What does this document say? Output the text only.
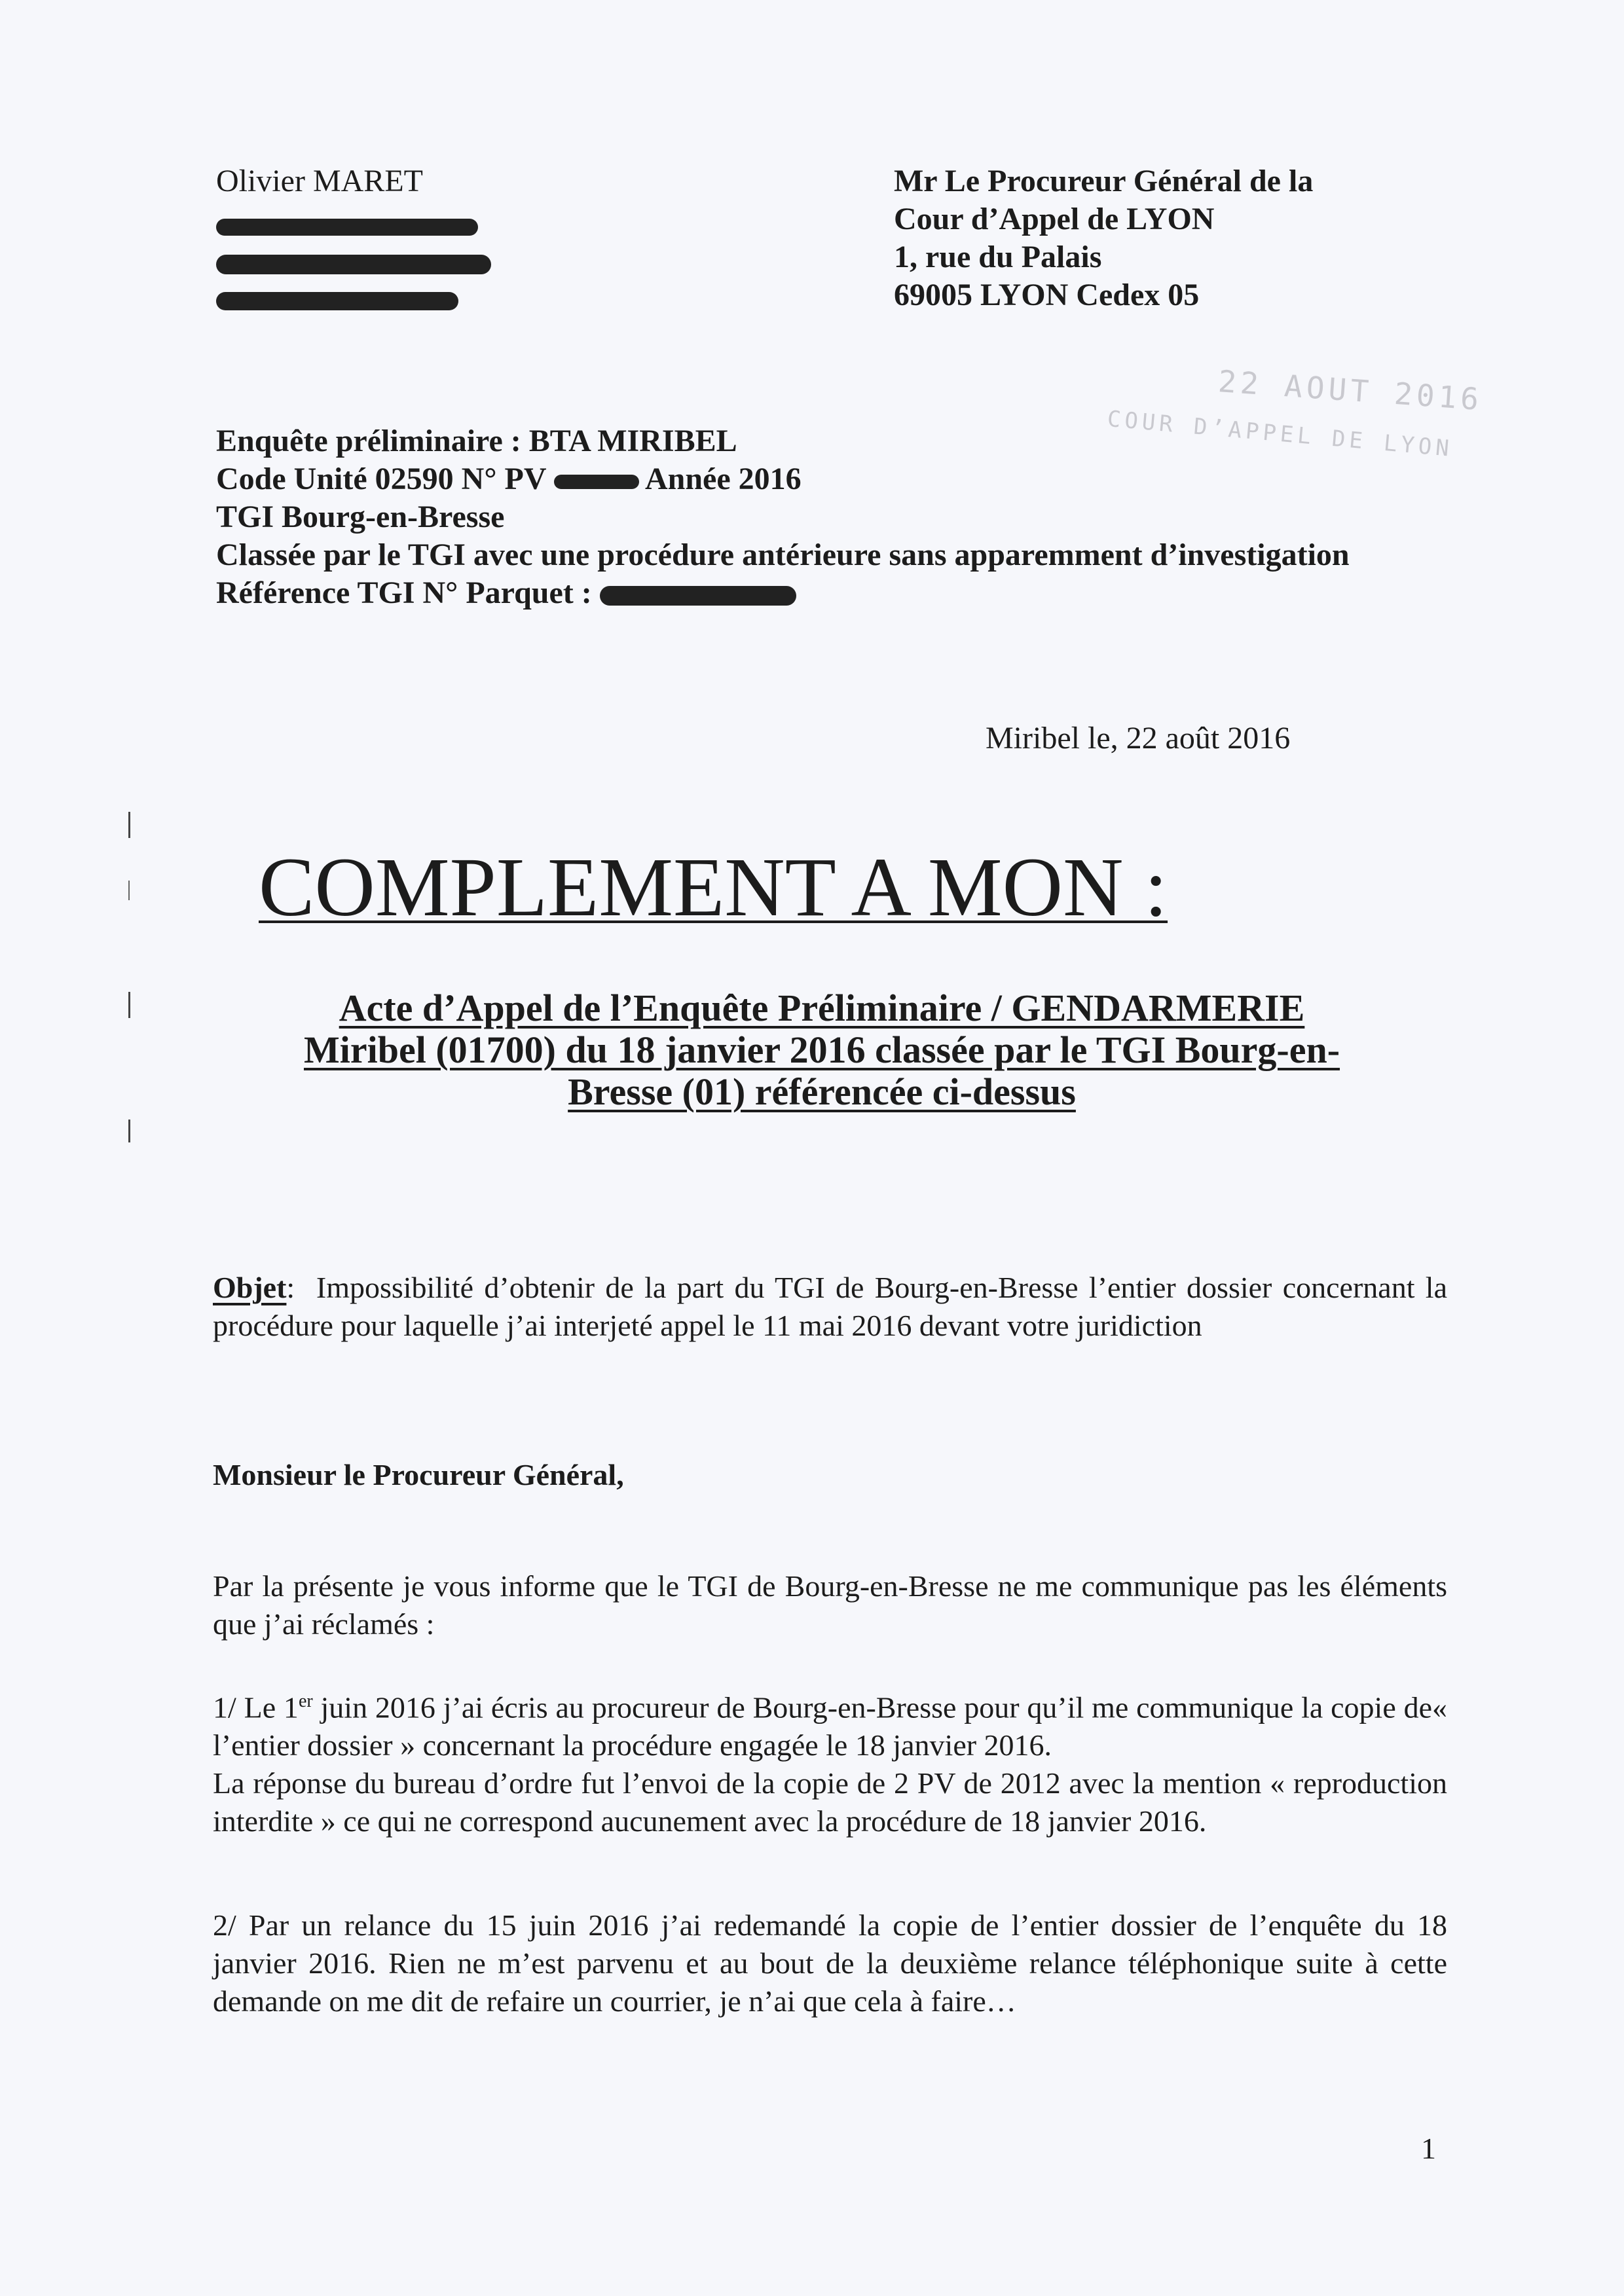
Olivier MARET	Mr Le Procureur Général de la
Cour d’Appel de LYON
1, rue du Palais
69005 LYON Cedex 05
22 AOUT 2016
COUR D’APPEL DE LYON
Enquête préliminaire : BTA MIRIBEL
Code Unité 02590 N° PV	Année 2016
TGI Bourg-en-Bresse
Classée par le TGI avec une procédure antérieure sans apparemment d’investigation
Référence TGI N° Parquet :
Miribel le, 22 août 2016
COMPLEMENT A MON :
Acte d’Appel de l’Enquête Préliminaire / GENDARMERIE
Miribel (01700) du 18 janvier 2016 classée par le TGI Bourg-en-
Bresse (01) référencée ci-dessus

Objet:  Impossibilité d’obtenir de la part du TGI de Bourg-en-Bresse l’entier dossier concernant la procédure pour laquelle j’ai interjeté appel le 11 mai 2016 devant votre juridiction

Monsieur le Procureur Général,

Par la présente je vous informe que le TGI de Bourg-en-Bresse ne me communique pas les éléments que j’ai réclamés :

1/ Le 1er juin 2016 j’ai écris au procureur de Bourg-en-Bresse pour qu’il me communique la copie de« l’entier dossier » concernant la procédure engagée le 18 janvier 2016.

La réponse du bureau d’ordre fut l’envoi de la copie de 2 PV de 2012 avec la mention « reproduction interdite » ce qui ne correspond aucunement avec la procédure de 18 janvier 2016.

2/ Par un relance du 15 juin 2016 j’ai redemandé la copie de l’entier dossier de l’enquête du 18 janvier 2016. Rien ne m’est parvenu et au bout de la deuxième relance téléphonique suite à cette demande on me dit de refaire un courrier, je n’ai que cela à faire…

1
